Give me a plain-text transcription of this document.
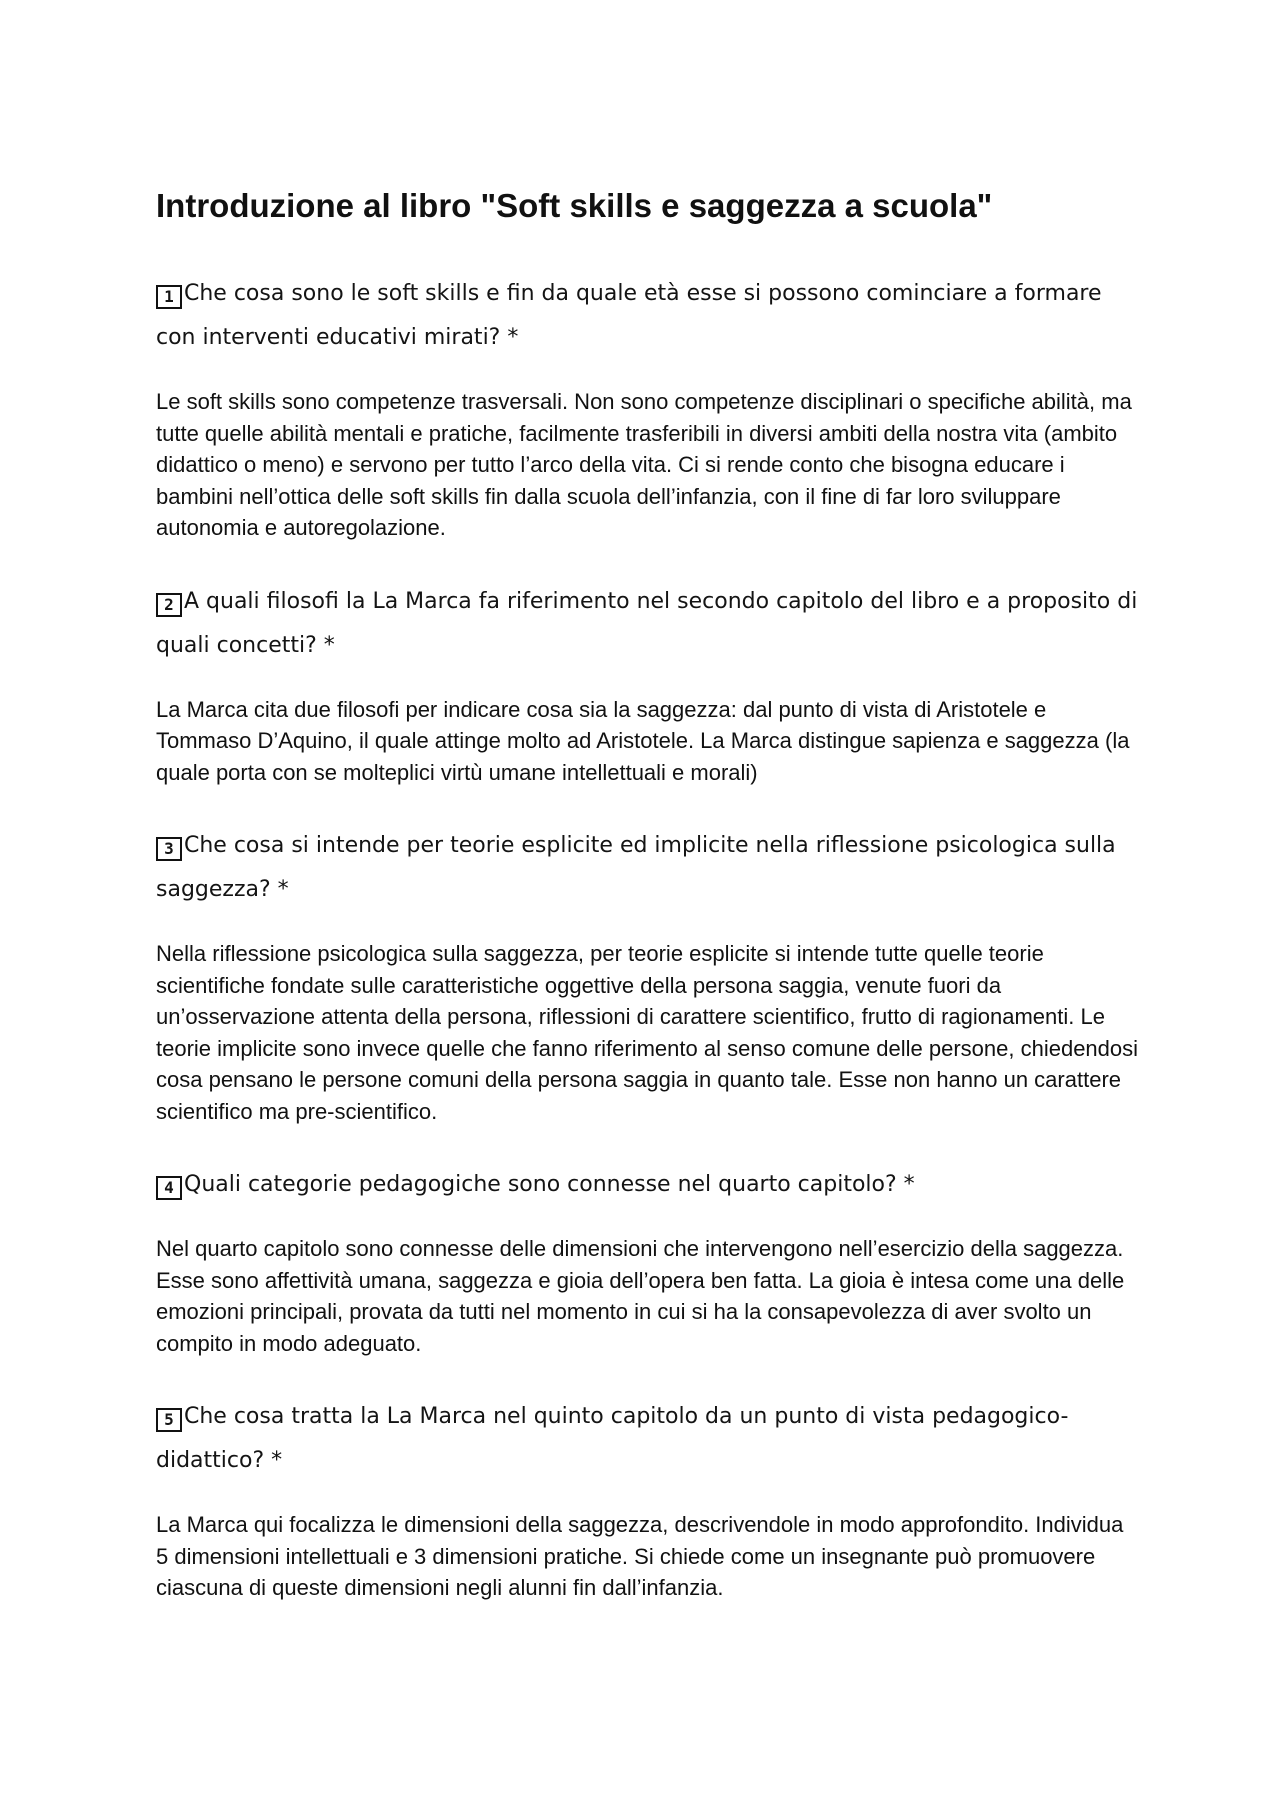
Introduzione al libro "Soft skills e saggezza a scuola"

1 Che cosa sono le soft skills e fin da quale età esse si possono cominciare a formare con interventi educativi mirati? *

Le soft skills sono competenze trasversali. Non sono competenze disciplinari o specifiche abilità, ma tutte quelle abilità mentali e pratiche, facilmente trasferibili in diversi ambiti della nostra vita (ambito didattico o meno) e servono per tutto l’arco della vita. Ci si rende conto che bisogna educare i bambini nell’ottica delle soft skills fin dalla scuola dell’infanzia, con il fine di far loro sviluppare autonomia e autoregolazione.

2 A quali filosofi la La Marca fa riferimento nel secondo capitolo del libro e a proposito di quali concetti? *

La Marca cita due filosofi per indicare cosa sia la saggezza: dal punto di vista di Aristotele e Tommaso D’Aquino, il quale attinge molto ad Aristotele. La Marca distingue sapienza e saggezza (la quale porta con se molteplici virtù umane intellettuali e morali)

3 Che cosa si intende per teorie esplicite ed implicite nella riflessione psicologica sulla saggezza? *

Nella riflessione psicologica sulla saggezza, per teorie esplicite si intende tutte quelle teorie scientifiche fondate sulle caratteristiche oggettive della persona saggia, venute fuori da un’osservazione attenta della persona, riflessioni di carattere scientifico, frutto di ragionamenti. Le teorie implicite sono invece quelle che fanno riferimento al senso comune delle persone, chiedendosi cosa pensano le persone comuni della persona saggia in quanto tale. Esse non hanno un carattere scientifico ma pre-scientifico.

4 Quali categorie pedagogiche sono connesse nel quarto capitolo? *

Nel quarto capitolo sono connesse delle dimensioni che intervengono nell’esercizio della saggezza. Esse sono affettività umana, saggezza e gioia dell’opera ben fatta. La gioia è intesa come una delle emozioni principali, provata da tutti nel momento in cui si ha la consapevolezza di aver svolto un compito in modo adeguato.

5 Che cosa tratta la La Marca nel quinto capitolo da un punto di vista pedagogico-didattico? *

La Marca qui focalizza le dimensioni della saggezza, descrivendole in modo approfondito. Individua  5 dimensioni intellettuali e 3 dimensioni pratiche. Si chiede come un insegnante può promuovere ciascuna di queste dimensioni negli alunni fin dall’infanzia.
